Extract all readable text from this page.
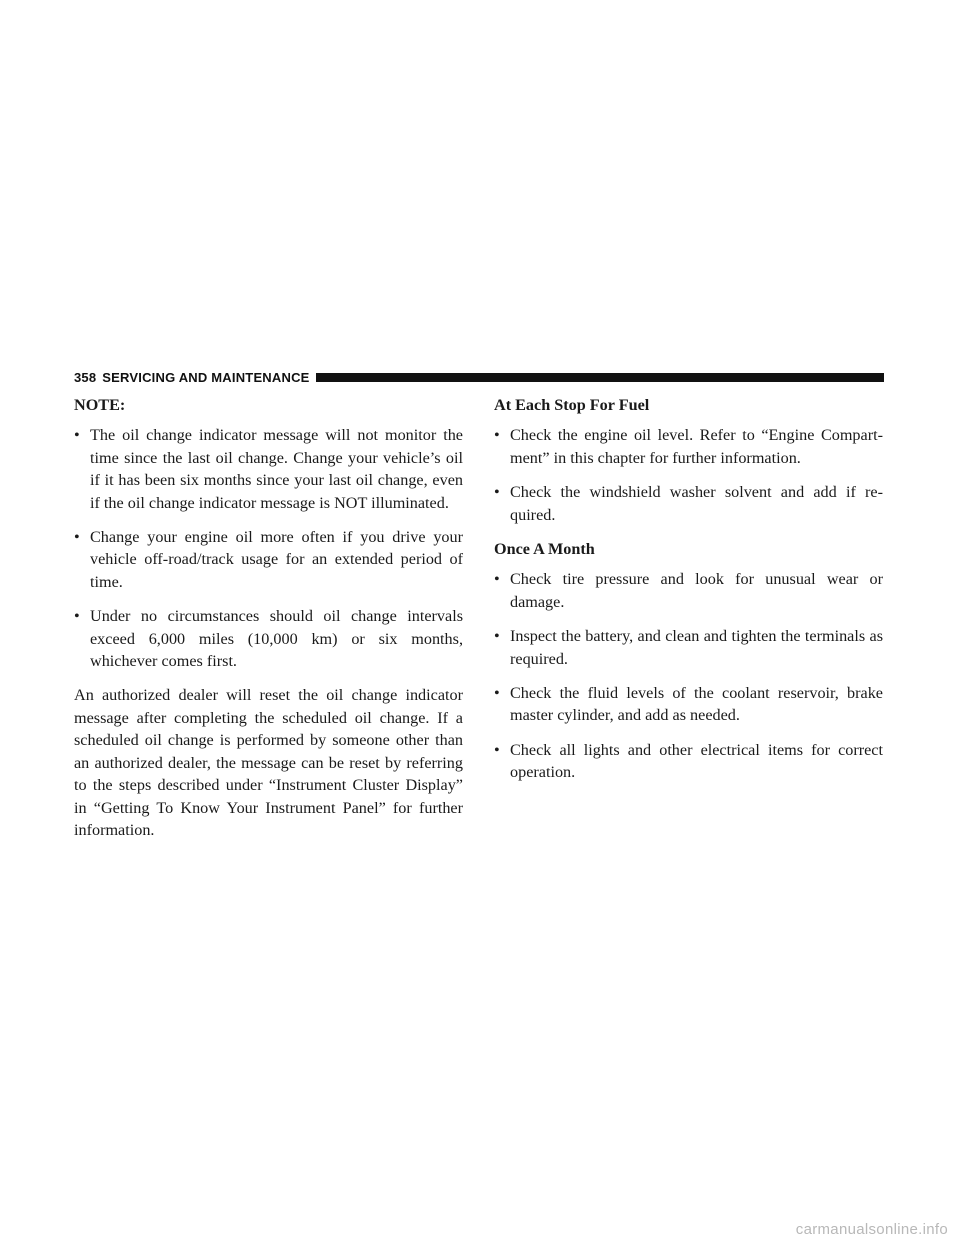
358 SERVICING AND MAINTENANCE

NOTE:

• The oil change indicator message will not monitor the time since the last oil change. Change your vehicle’s oil if it has been six months since your last oil change, even if the oil change indicator message is NOT illuminated.
• Change your engine oil more often if you drive your vehicle off-road/track usage for an extended period of time.
• Under no circumstances should oil change intervals exceed 6,000 miles (10,000 km) or six months, whichever comes first.

An authorized dealer will reset the oil change indicator message after completing the scheduled oil change. If a scheduled oil change is performed by someone other than an authorized dealer, the message can be reset by referring to the steps described under “Instrument Cluster Display” in “Getting To Know Your Instrument Panel” for further information.

At Each Stop For Fuel

• Check the engine oil level. Refer to “Engine Compart-ment” in this chapter for further information.
• Check the windshield washer solvent and add if re-quired.

Once A Month

• Check tire pressure and look for unusual wear or damage.
• Inspect the battery, and clean and tighten the terminals as required.
• Check the fluid levels of the coolant reservoir, brake master cylinder, and add as needed.
• Check all lights and other electrical items for correct operation.
carmanualsonline.info
